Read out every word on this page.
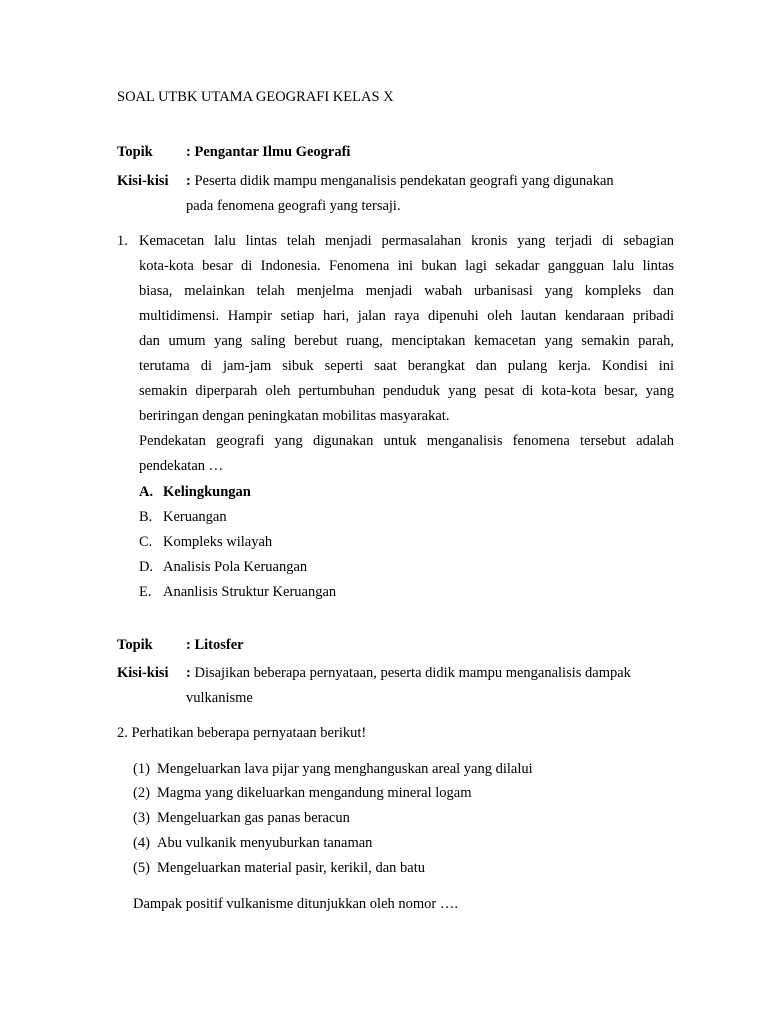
SOAL UTBK UTAMA GEOGRAFI KELAS X
Topik : Pengantar Ilmu Geografi
Kisi-kisi : Peserta didik mampu menganalisis pendekatan geografi yang digunakan
pada fenomena geografi yang tersaji.
1. Kemacetan lalu lintas telah menjadi permasalahan kronis yang terjadi di sebagian
kota-kota besar di Indonesia. Fenomena ini bukan lagi sekadar gangguan lalu lintas
biasa, melainkan telah menjelma menjadi wabah urbanisasi yang kompleks dan
multidimensi. Hampir setiap hari, jalan raya dipenuhi oleh lautan kendaraan pribadi
dan umum yang saling berebut ruang, menciptakan kemacetan yang semakin parah,
terutama di jam-jam sibuk seperti saat berangkat dan pulang kerja. Kondisi ini
semakin diperparah oleh pertumbuhan penduduk yang pesat di kota-kota besar, yang
beriringan dengan peningkatan mobilitas masyarakat.
Pendekatan geografi yang digunakan untuk menganalisis fenomena tersebut adalah
pendekatan …
A. Kelingkungan
B. Keruangan
C. Kompleks wilayah
D. Analisis Pola Keruangan
E. Ananlisis Struktur Keruangan
Topik : Litosfer
Kisi-kisi : Disajikan beberapa pernyataan, peserta didik mampu menganalisis dampak
vulkanisme
2. Perhatikan beberapa pernyataan berikut!
(1) Mengeluarkan lava pijar yang menghanguskan areal yang dilalui
(2) Magma yang dikeluarkan mengandung mineral logam
(3) Mengeluarkan gas panas beracun
(4) Abu vulkanik menyuburkan tanaman
(5) Mengeluarkan material pasir, kerikil, dan batu
Dampak positif vulkanisme ditunjukkan oleh nomor ….
